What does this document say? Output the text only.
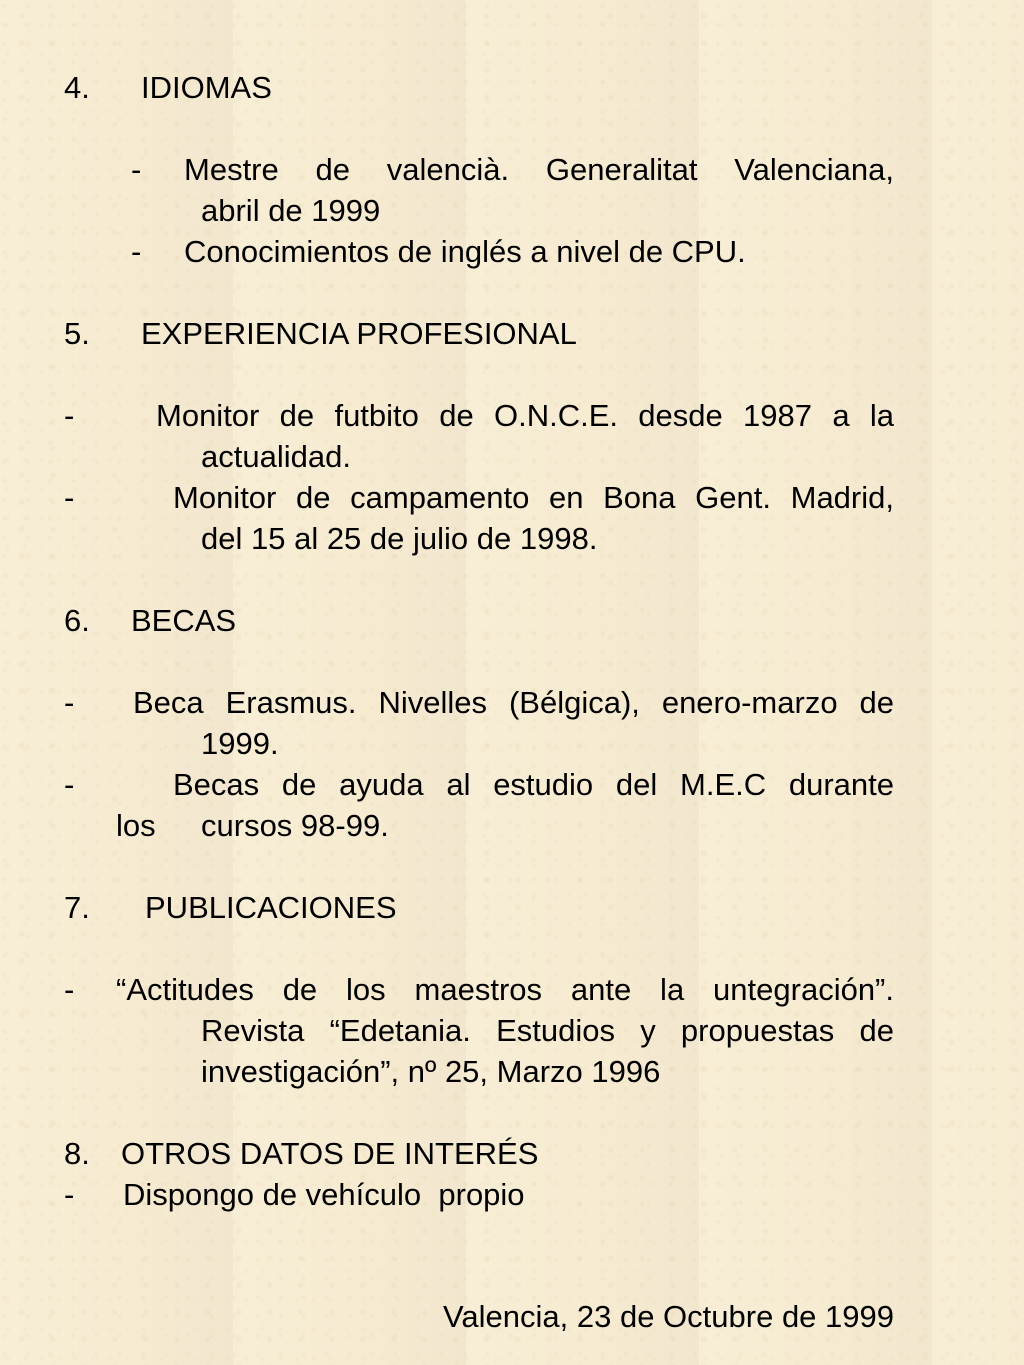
4. IDIOMAS
- Mestre de valencià. Generalitat Valenciana,
abril de 1999
- Conocimientos de inglés a nivel de CPU.
5. EXPERIENCIA PROFESIONAL
-	Monitor de futbito de O.N.C.E. desde 1987 a la
actualidad.
-	Monitor de campamento en Bona Gent. Madrid,
del 15 al 25 de julio de 1998.
6. BECAS
- Beca Erasmus. Nivelles (Bélgica), enero-marzo de
1999.
-	Becas de ayuda al estudio del M.E.C durante
los cursos 98-99.
7. PUBLICACIONES
- “Actitudes de los maestros ante la untegración”.
Revista “Edetania. Estudios y propuestas de
investigación”, nº 25, Marzo 1996
8. OTROS DATOS DE INTERÉS
- Dispongo de vehículo  propio
Valencia, 23 de Octubre de 1999
